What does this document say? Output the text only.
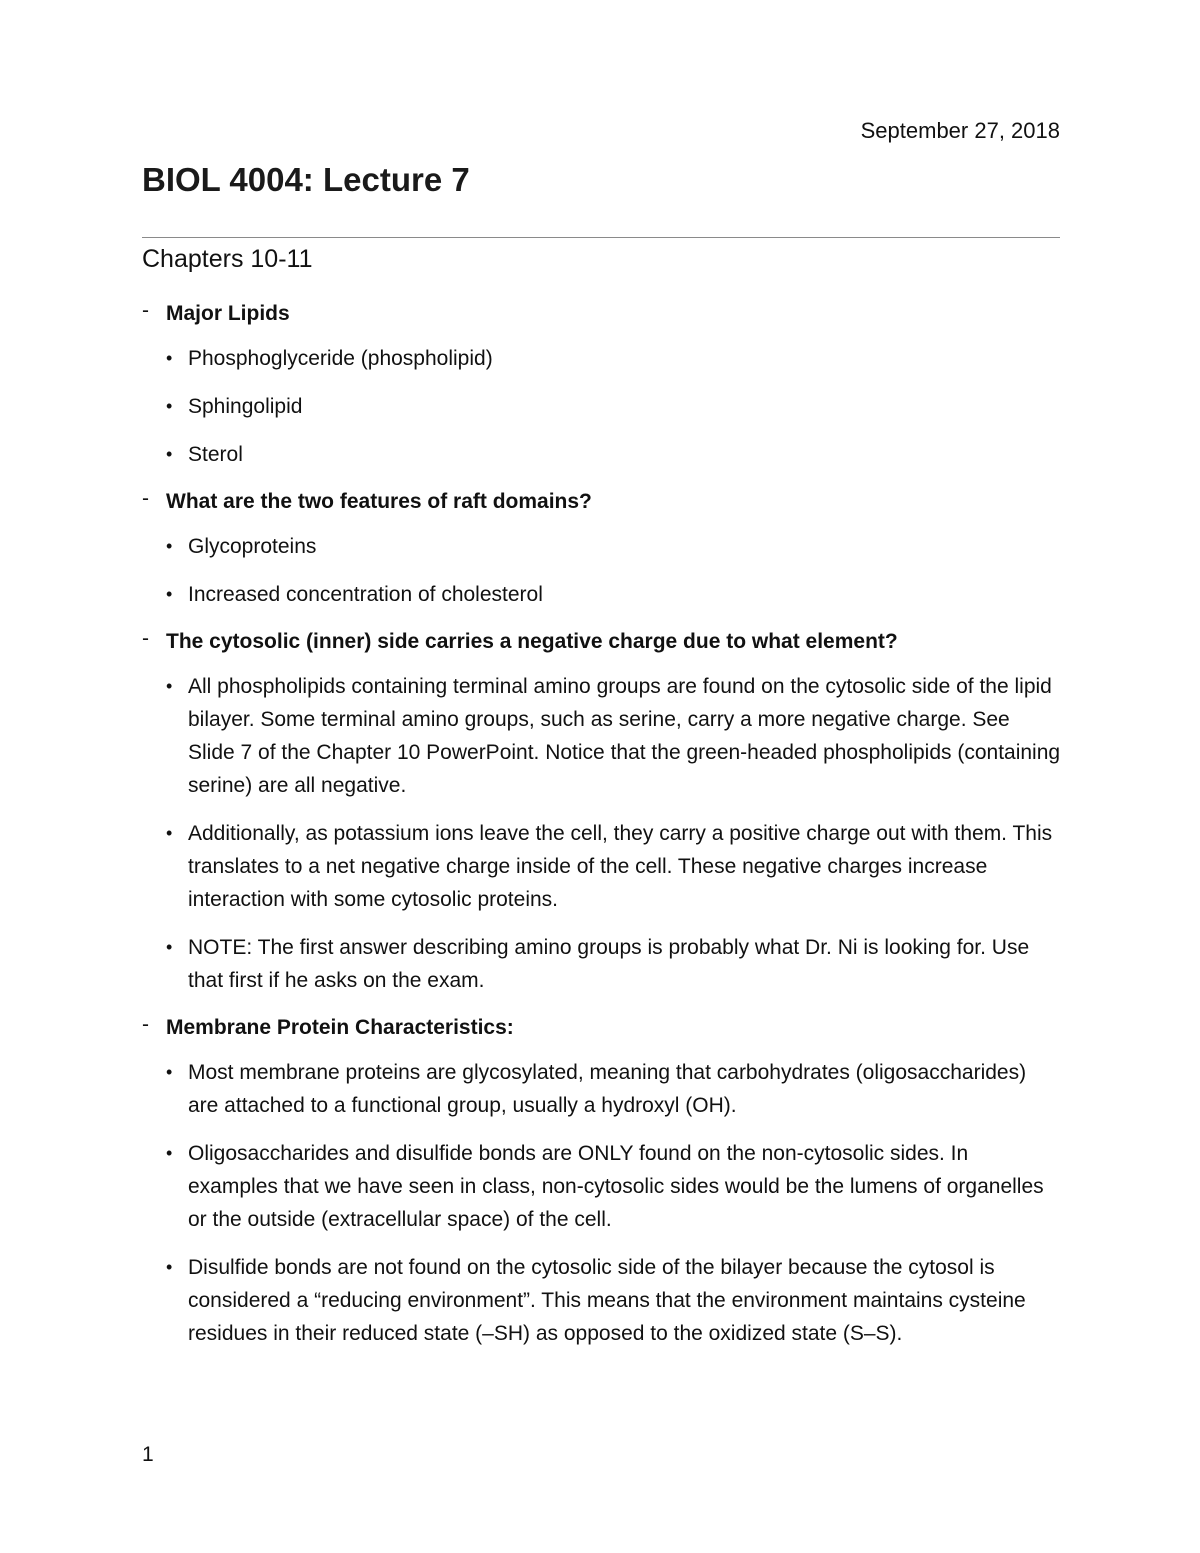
September 27, 2018
BIOL 4004: Lecture 7
Chapters 10-11
- Major Lipids
• Phosphoglyceride (phospholipid)
• Sphingolipid
• Sterol
- What are the two features of raft domains?
• Glycoproteins
• Increased concentration of cholesterol
- The cytosolic (inner) side carries a negative charge due to what element?
• All phospholipids containing terminal amino groups are found on the cytosolic side of the lipid bilayer. Some terminal amino groups, such as serine, carry a more negative charge. See Slide 7 of the Chapter 10 PowerPoint. Notice that the green-headed phospholipids (containing serine) are all negative.
• Additionally, as potassium ions leave the cell, they carry a positive charge out with them. This translates to a net negative charge inside of the cell. These negative charges increase interaction with some cytosolic proteins.
• NOTE: The first answer describing amino groups is probably what Dr. Ni is looking for. Use that first if he asks on the exam.
- Membrane Protein Characteristics:
• Most membrane proteins are glycosylated, meaning that carbohydrates (oligosaccharides) are attached to a functional group, usually a hydroxyl (OH).
• Oligosaccharides and disulfide bonds are ONLY found on the non-cytosolic sides. In examples that we have seen in class, non-cytosolic sides would be the lumens of organelles or the outside (extracellular space) of the cell.
• Disulfide bonds are not found on the cytosolic side of the bilayer because the cytosol is considered a “reducing environment”. This means that the environment maintains cysteine residues in their reduced state (–SH) as opposed to the oxidized state (S–S).
1
